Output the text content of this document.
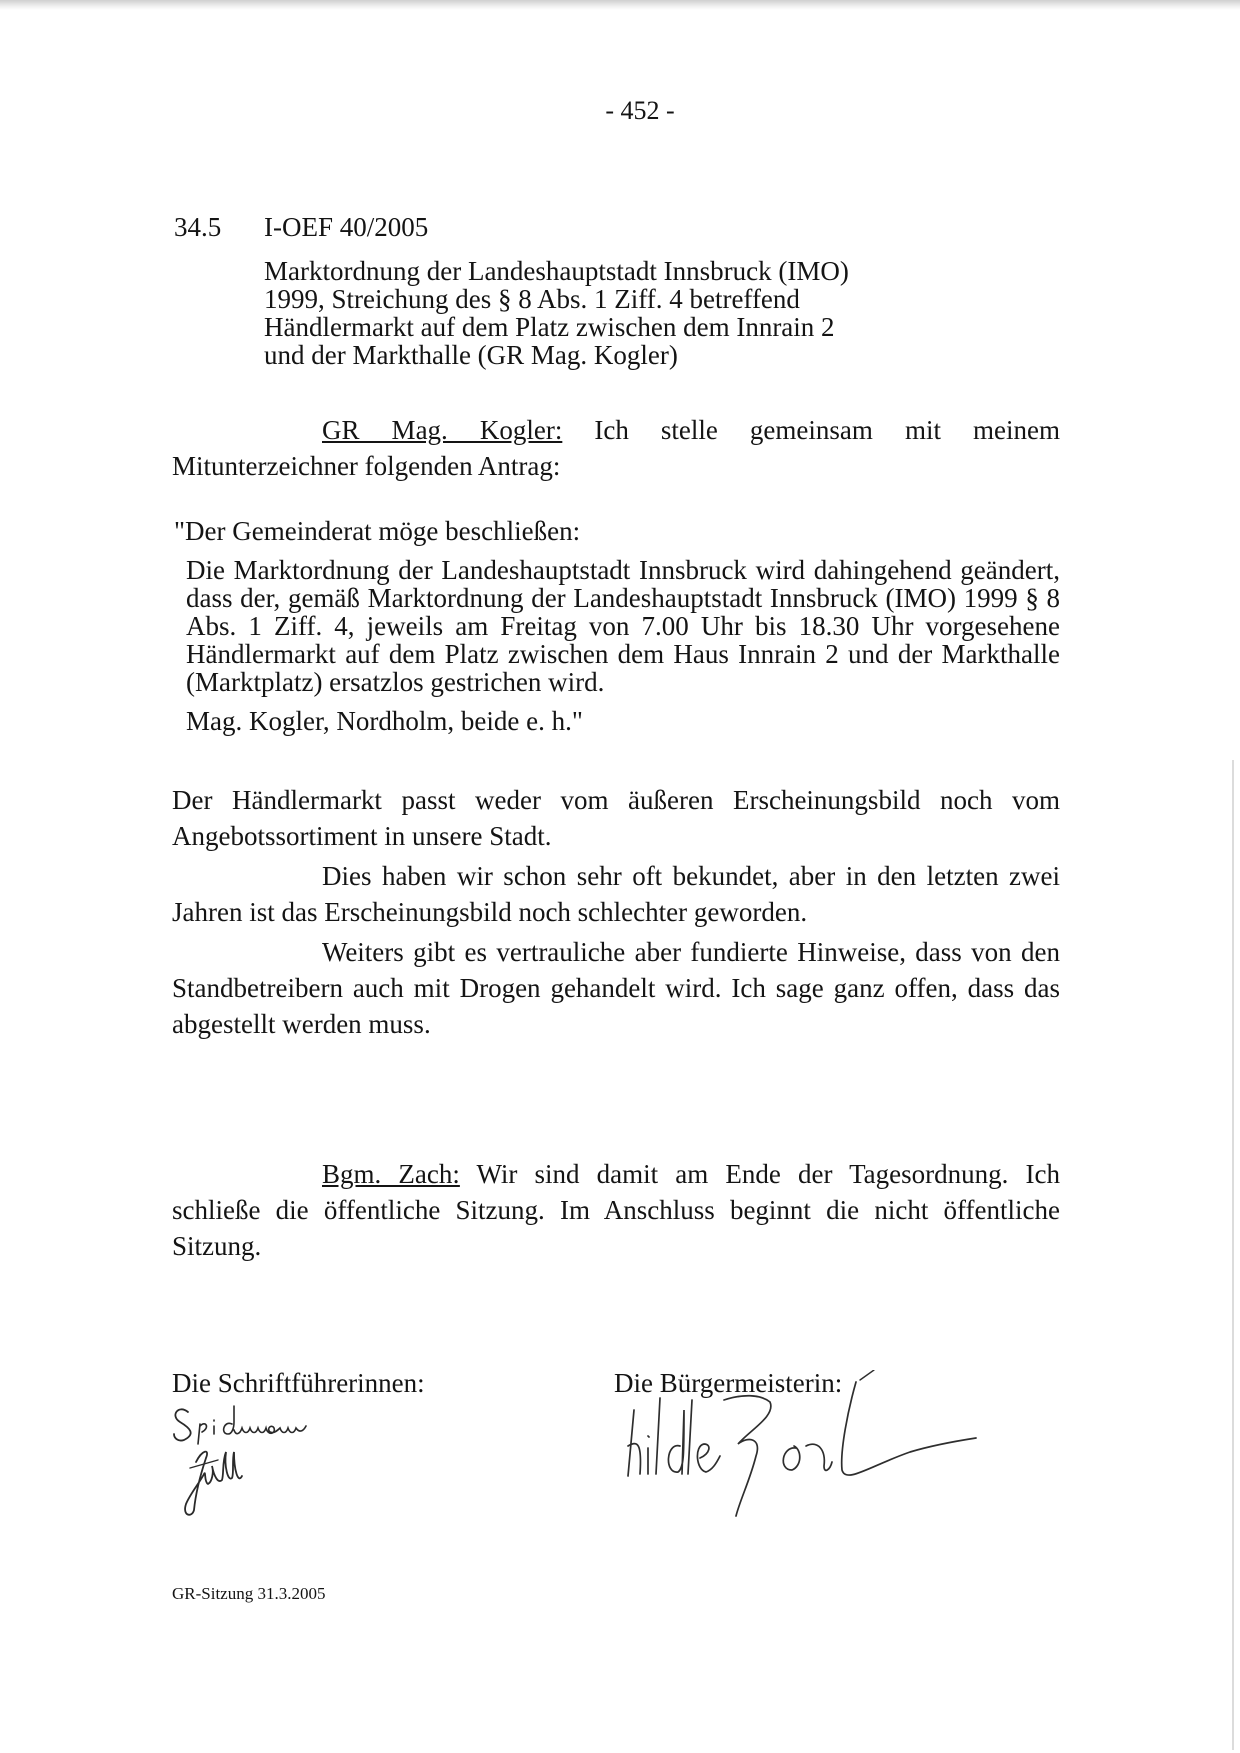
- 452 -
34.5 I-OEF 40/2005
Marktordnung der Landeshauptstadt Innsbruck (IMO)
1999, Streichung des § 8 Abs. 1 Ziff. 4 betreffend
Händlermarkt auf dem Platz zwischen dem Innrain 2
und der Markthalle (GR Mag. Kogler)
GR Mag. Kogler: Ich stelle gemeinsam mit meinem Mitunterzeichner folgenden Antrag:
"Der Gemeinderat möge beschließen:
Die Marktordnung der Landeshauptstadt Innsbruck wird dahingehend geändert, dass der, gemäß Marktordnung der Landeshauptstadt Innsbruck (IMO) 1999 § 8 Abs. 1 Ziff. 4, jeweils am Freitag von 7.00 Uhr bis 18.30 Uhr vorgesehene Händlermarkt auf dem Platz zwischen dem Haus Innrain 2 und der Markthalle (Marktplatz) ersatzlos gestrichen wird.
Mag. Kogler, Nordholm, beide e. h."
Der Händlermarkt passt weder vom äußeren Erscheinungsbild noch vom Angebotssortiment in unsere Stadt.
Dies haben wir schon sehr oft bekundet, aber in den letzten zwei Jahren ist das Erscheinungsbild noch schlechter geworden.
Weiters gibt es vertrauliche aber fundierte Hinweise, dass von den Standbetreibern auch mit Drogen gehandelt wird. Ich sage ganz offen, dass das abgestellt werden muss.
Bgm. Zach: Wir sind damit am Ende der Tagesordnung. Ich schließe die öffentliche Sitzung. Im Anschluss beginnt die nicht öffentliche Sitzung.
Die Schriftführerinnen:	Die Bürgermeisterin:
GR-Sitzung 31.3.2005
